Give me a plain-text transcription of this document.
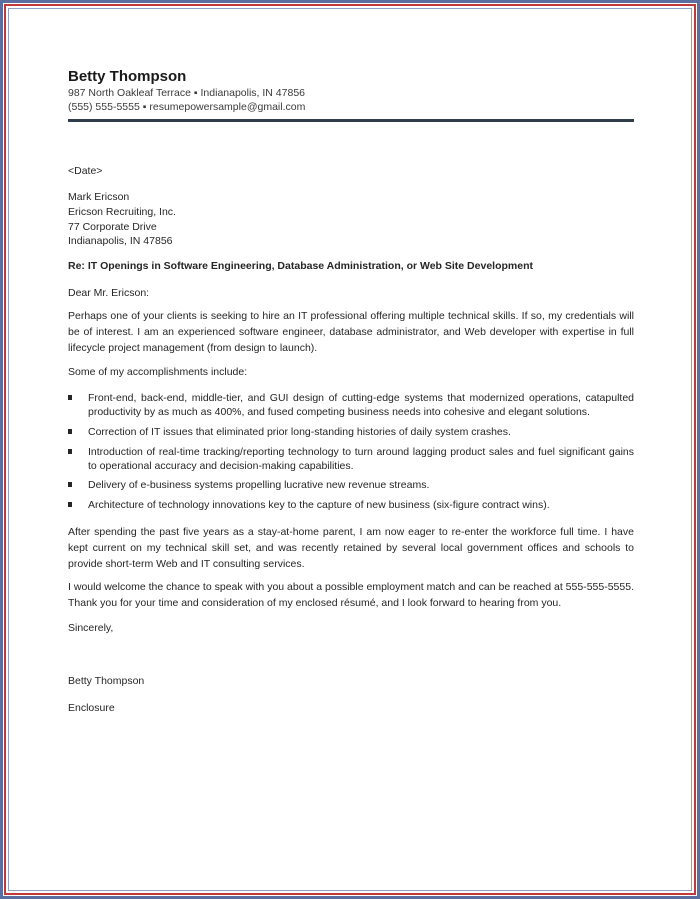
Betty Thompson
987 North Oakleaf Terrace ▪ Indianapolis, IN 47856
(555) 555-5555 ▪ resumepowersample@gmail.com
<Date>
Mark Ericson
Ericson Recruiting, Inc.
77 Corporate Drive
Indianapolis, IN 47856
Re: IT Openings in Software Engineering, Database Administration, or Web Site Development
Dear Mr. Ericson:
Perhaps one of your clients is seeking to hire an IT professional offering multiple technical skills. If so, my credentials will be of interest. I am an experienced software engineer, database administrator, and Web developer with expertise in full lifecycle project management (from design to launch).
Some of my accomplishments include:
Front-end, back-end, middle-tier, and GUI design of cutting-edge systems that modernized operations, catapulted productivity by as much as 400%, and fused competing business needs into cohesive and elegant solutions.
Correction of IT issues that eliminated prior long-standing histories of daily system crashes.
Introduction of real-time tracking/reporting technology to turn around lagging product sales and fuel significant gains to operational accuracy and decision-making capabilities.
Delivery of e-business systems propelling lucrative new revenue streams.
Architecture of technology innovations key to the capture of new business (six-figure contract wins).
After spending the past five years as a stay-at-home parent, I am now eager to re-enter the workforce full time. I have kept current on my technical skill set, and was recently retained by several local government offices and schools to provide short-term Web and IT consulting services.
I would welcome the chance to speak with you about a possible employment match and can be reached at 555-555-5555. Thank you for your time and consideration of my enclosed résumé, and I look forward to hearing from you.
Sincerely,
Betty Thompson
Enclosure
